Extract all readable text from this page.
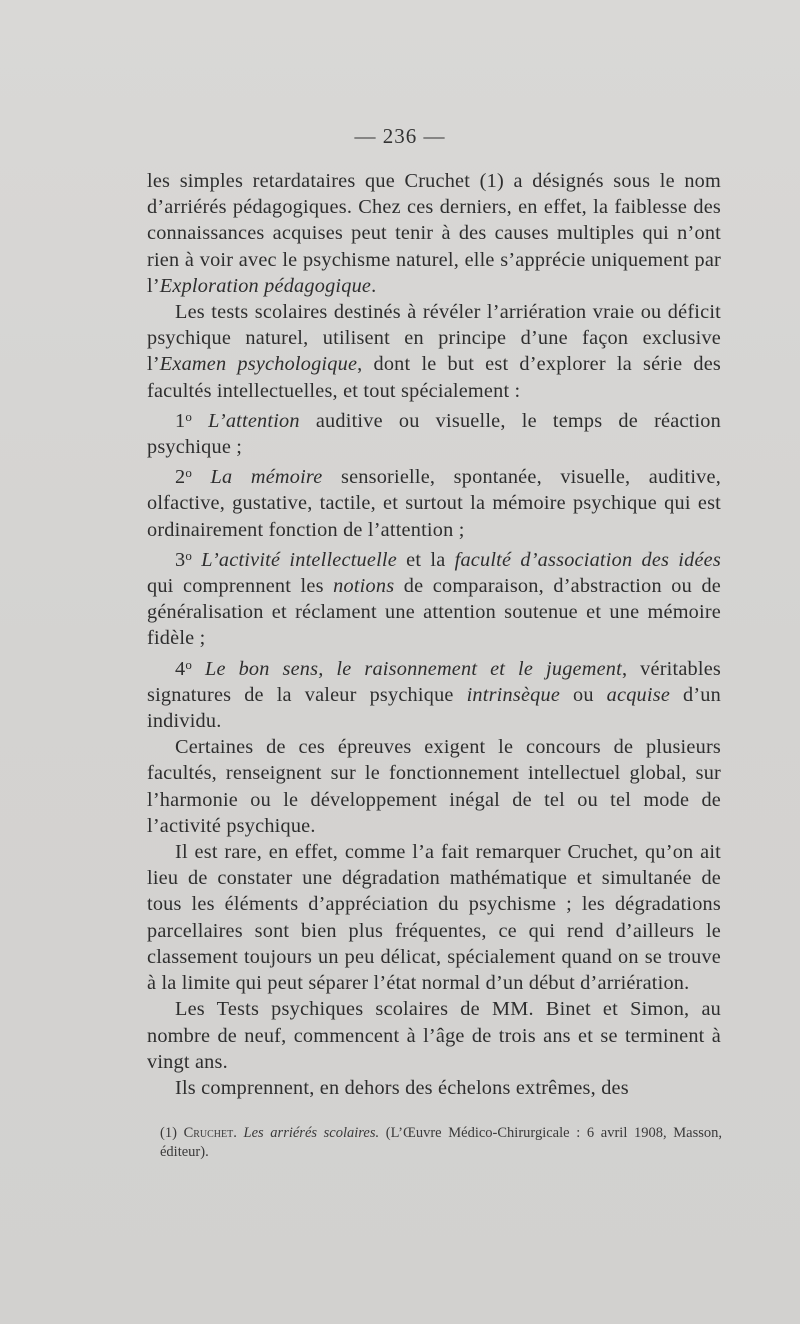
— 236 —

les simples retardataires que Cruchet (1) a désignés sous le nom d’arriérés pédagogiques. Chez ces derniers, en effet, la faiblesse des connaissances acquises peut tenir à des causes multiples qui n’ont rien à voir avec le psychisme naturel, elle s’apprécie uniquement par l’Exploration pédagogique.

Les tests scolaires destinés à révéler l’arriération vraie ou déficit psychique naturel, utilisent en principe d’une façon exclusive l’Examen psychologique, dont le but est d’explorer la série des facultés intellectuelles, et tout spécialement :

1$^o$ L’attention auditive ou visuelle, le temps de réaction psychique ;

2$^o$ La mémoire sensorielle, spontanée, visuelle, auditive, olfactive, gustative, tactile, et surtout la mémoire psychique qui est ordinairement fonction de l’attention ;

3$^o$ L’activité intellectuelle et la faculté d’association des idées qui comprennent les notions de comparaison, d’abstraction ou de généralisation et réclament une attention soutenue et une mémoire fidèle ;

4$^o$ Le bon sens, le raisonnement et le jugement, véritables signatures de la valeur psychique intrinsèque ou acquise d’un individu.

Certaines de ces épreuves exigent le concours de plusieurs facultés, renseignent sur le fonctionnement intellectuel global, sur l’harmonie ou le développement inégal de tel ou tel mode de l’activité psychique.

Il est rare, en effet, comme l’a fait remarquer Cruchet, qu’on ait lieu de constater une dégradation mathématique et simultanée de tous les éléments d’appréciation du psychisme ; les dégradations parcellaires sont bien plus fréquentes, ce qui rend d’ailleurs le classement toujours un peu délicat, spécialement quand on se trouve à la limite qui peut séparer l’état normal d’un début d’arriération.

Les Tests psychiques scolaires de MM. Binet et Simon, au nombre de neuf, commencent à l’âge de trois ans et se terminent à vingt ans.

Ils comprennent, en dehors des échelons extrêmes, des

(1) Cruchet. Les arriérés scolaires. (L’Œuvre Médico-Chirurgicale : 6 avril 1908, Masson, éditeur).
